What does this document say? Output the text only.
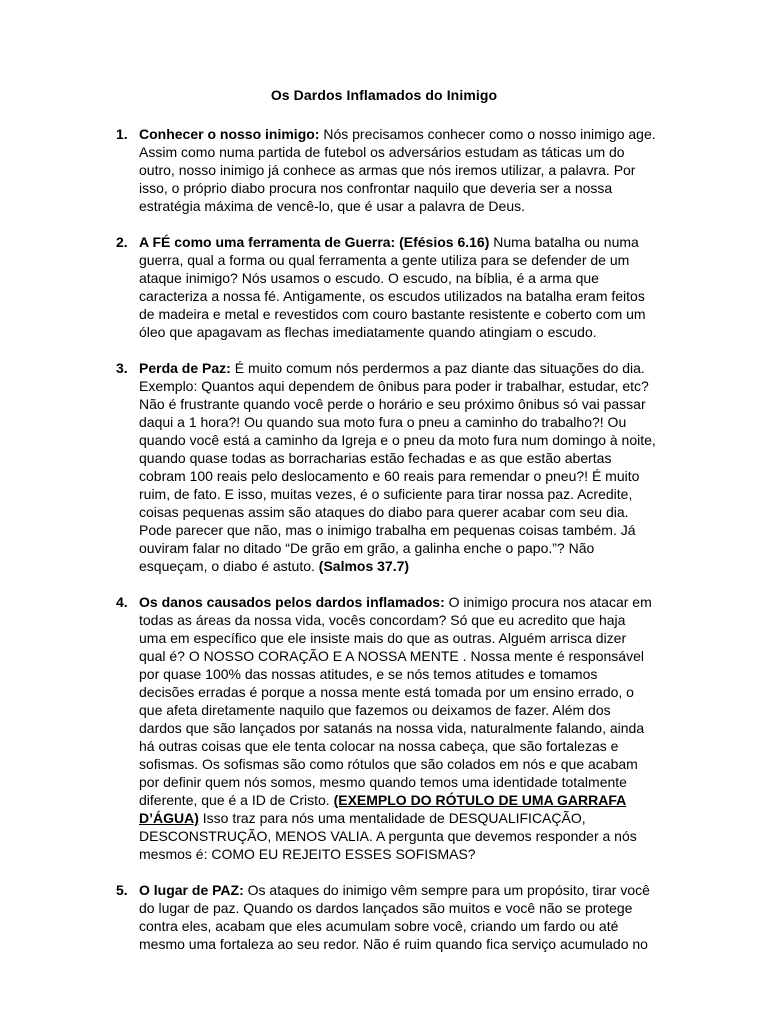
Os Dardos Inflamados do Inimigo
1. Conhecer o nosso inimigo: Nós precisamos conhecer como o nosso inimigo age. Assim como numa partida de futebol os adversários estudam as táticas um do outro, nosso inimigo já conhece as armas que nós iremos utilizar, a palavra. Por isso, o próprio diabo procura nos confrontar naquilo que deveria ser a nossa estratégia máxima de vencê-lo, que é usar a palavra de Deus.
2. A FÉ como uma ferramenta de Guerra: (Efésios 6.16) Numa batalha ou numa guerra, qual a forma ou qual ferramenta a gente utiliza para se defender de um ataque inimigo? Nós usamos o escudo. O escudo, na bíblia, é a arma que caracteriza a nossa fé. Antigamente, os escudos utilizados na batalha eram feitos de madeira e metal e revestidos com couro bastante resistente e coberto com um óleo que apagavam as flechas imediatamente quando atingiam o escudo.
3. Perda de Paz: É muito comum nós perdermos a paz diante das situações do dia. Exemplo: Quantos aqui dependem de ônibus para poder ir trabalhar, estudar, etc? Não é frustrante quando você perde o horário e seu próximo ônibus só vai passar daqui a 1 hora?! Ou quando sua moto fura o pneu a caminho do trabalho?! Ou quando você está a caminho da Igreja e o pneu da moto fura num domingo à noite, quando quase todas as borracharias estão fechadas e as que estão abertas cobram 100 reais pelo deslocamento e 60 reais para remendar o pneu?! É muito ruim, de fato. E isso, muitas vezes, é o suficiente para tirar nossa paz. Acredite, coisas pequenas assim são ataques do diabo para querer acabar com seu dia. Pode parecer que não, mas o inimigo trabalha em pequenas coisas também. Já ouviram falar no ditado “De grão em grão, a galinha enche o papo.”? Não esqueçam, o diabo é astuto. (Salmos 37.7)
4. Os danos causados pelos dardos inflamados: O inimigo procura nos atacar em todas as áreas da nossa vida, vocês concordam? Só que eu acredito que haja uma em específico que ele insiste mais do que as outras. Alguém arrisca dizer qual é? O NOSSO CORAÇÃO E A NOSSA MENTE . Nossa mente é responsável por quase 100% das nossas atitudes, e se nós temos atitudes e tomamos decisões erradas é porque a nossa mente está tomada por um ensino errado, o que afeta diretamente naquilo que fazemos ou deixamos de fazer. Além dos dardos que são lançados por satanás na nossa vida, naturalmente falando, ainda há outras coisas que ele tenta colocar na nossa cabeça, que são fortalezas e sofismas. Os sofismas são como rótulos que são colados em nós e que acabam por definir quem nós somos, mesmo quando temos uma identidade totalmente diferente, que é a ID de Cristo. (EXEMPLO DO RÓTULO DE UMA GARRAFA D’ÁGUA) Isso traz para nós uma mentalidade de DESQUALIFICAÇÃO, DESCONSTRUÇÃO, MENOS VALIA. A pergunta que devemos responder a nós mesmos é: COMO EU REJEITO ESSES SOFISMAS?
5. O lugar de PAZ: Os ataques do inimigo vêm sempre para um propósito, tirar você do lugar de paz. Quando os dardos lançados são muitos e você não se protege contra eles, acabam que eles acumulam sobre você, criando um fardo ou até mesmo uma fortaleza ao seu redor. Não é ruim quando fica serviço acumulado no
